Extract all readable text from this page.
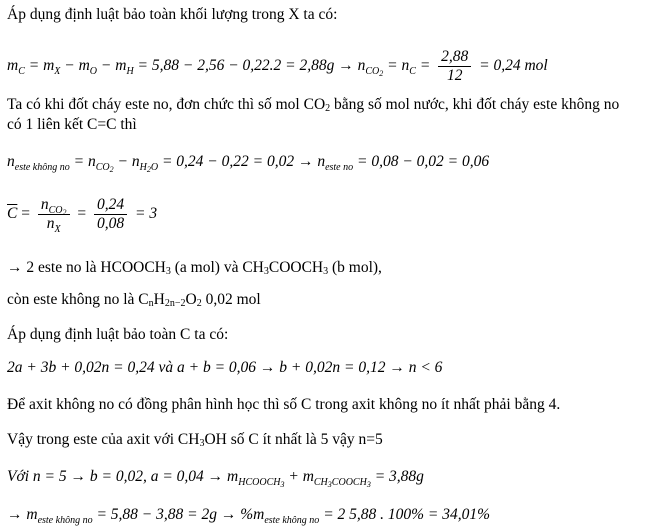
Áp dụng định luật bảo toàn khối lượng trong X ta có:
$m_C = m_X - m_O - m_H = 5,88 - 2,56 - 0,22.2 = 2,88g \to n_{CO_2} = n_C = \frac{2,88}{12} = 0,24$ mol
Ta có khi đốt cháy este no, đơn chức thì số mol CO2 bằng số mol nước, khi đốt cháy este không no có 1 liên kết C=C thì
$n_{este không no} = n_{CO_2} - n_{H_2O} = 0,24 - 0,22 = 0,02 \to n_{este no} = 0,08 - 0,02 = 0,06$
$\overline{C} = \frac{n_{CO_2}}{n_X} = \frac{0,24}{0,08} = 3$
→ 2 este no là HCOOCH3 (a mol) và CH3COOCH3 (b mol),
còn este không no là CnH2n−2O2 0,02 mol
Áp dụng định luật bảo toàn C ta có:
2a + 3b + 0,02n = 0,24 và a + b = 0,06 → b + 0,02n = 0,12 → n < 6
Để axit không no có đồng phân hình học thì số C trong axit không no ít nhất phải bằng 4.
Vậy trong este của axit với CH3OH số C ít nhất là 5 vậy n=5
Với n = 5 → b = 0,02, $a = 0,04 \to m_{HCOOCH_3} + m_{CH_3COOCH_3} = 3,88g$
→ $m_{este không no} = 5,88 - 3,88 = 2g \to \%m_{este không no} = 2$ 5,88 . 100% = 34,01%
